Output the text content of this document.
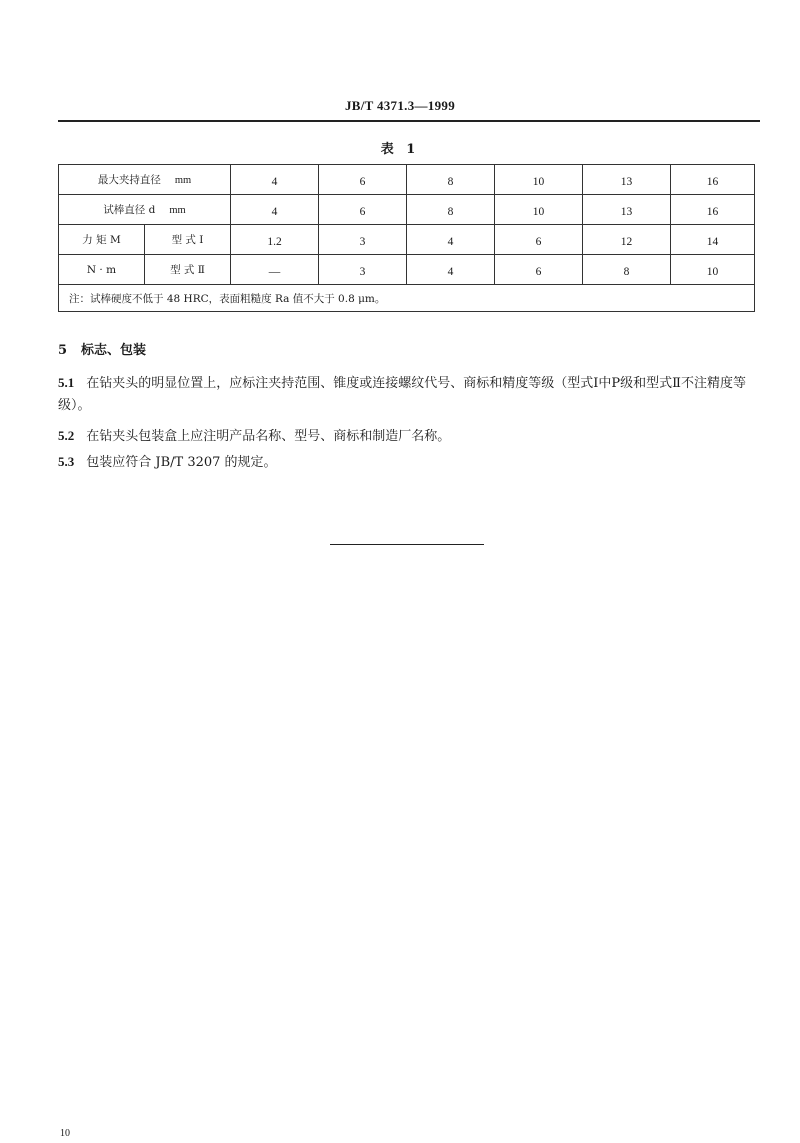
JB/T 4371.3—1999
表 1
最大夹持直径 mm		4	6	8	10	13	16
试棒直径 d mm		4	6	8	10	13	16
力 矩 M	型 式 Ⅰ	1.2	3	4	6	12	14
N · m	型 式 Ⅱ	—	3	4	6	8	10
注：试棒硬度不低于 48 HRC，表面粗糙度 Ra 值不大于 0.8 μm。							
5 标志、包装
5.1 在钻夹头的明显位置上，应标注夹持范围、锥度或连接螺纹代号、商标和精度等级（型式Ⅰ中P级和型式Ⅱ不注精度等级）。
5.2 在钻夹头包装盒上应注明产品名称、型号、商标和制造厂名称。
5.3 包装应符合 JB/T 3207 的规定。
10
